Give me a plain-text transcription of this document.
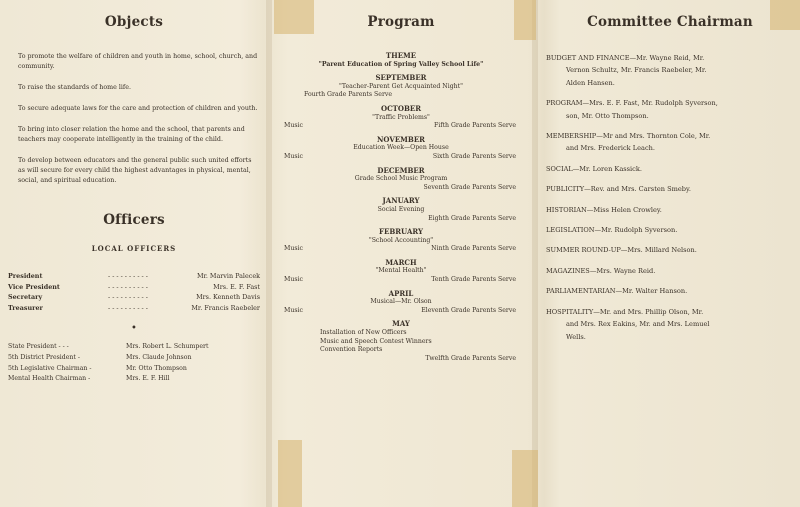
Objects

To promote the welfare of children and youth in home, school, church, and community.

To raise the standards of home life.

To secure adequate laws for the care and protection of children and youth.

To bring into closer relation the home and the school, that parents and teachers may cooperate intelligently in the training of the child.

To develop between educators and the general public such united efforts as will secure for every child the highest advantages in physical, mental, social, and spiritual education.

Officers
LOCAL OFFICERS
President	- - - - - - - - - -	Mr. Marvin Palecek
Vice President	- - - - - - - - - -	Mrs. E. F. Fast
Secretary	- - - - - - - - - -	Mrs. Kenneth Davis
Treasurer	- - - - - - - - - -	Mr. Francis Raebeler
•
State President - - -	Mrs. Robert L. Schumpert
5th District President -	Mrs. Claude Johnson
5th Legislative Chairman -	Mr. Otto Thompson
Mental Health Chairman -	Mrs. E. F. Hill
Program
THEME
"Parent Education of Spring Valley School Life"
SEPTEMBER
"Teacher-Parent Get Acquainted Night"
Fourth Grade Parents Serve
OCTOBER
"Traffic Problems"
Music	Fifth Grade Parents Serve
NOVEMBER
Education Week—Open House
Music	Sixth Grade Parents Serve
DECEMBER
Grade School Music Program
Seventh Grade Parents Serve
JANUARY
Social Evening
Eighth Grade Parents Serve
FEBRUARY
"School Accounting"
Music	Ninth Grade Parents Serve
MARCH
"Mental Health"
Music	Tenth Grade Parents Serve
APRIL
Musical—Mr. Olson
Music	Eleventh Grade Parents Serve
MAY
Installation of New Officers
Music and Speech Contest Winners
Convention Reports
Twelfth Grade Parents Serve
Committee Chairman
BUDGET AND FINANCE—Mr. Wayne Reid, Mr.
Vernon Schultz, Mr. Francis Raebeler, Mr.
Alden Hansen.
PROGRAM—Mrs. E. F. Fast, Mr. Rudolph Syverson,
son, Mr. Otto Thompson.
MEMBERSHIP—Mr and Mrs. Thornton Cole, Mr.
and Mrs. Frederick Leach.
SOCIAL—Mr. Loren Kassick.
PUBLICITY—Rev. and Mrs. Carsten Smeby.
HISTORIAN—Miss Helen Crowley.
LEGISLATION—Mr. Rudolph Syverson.
SUMMER ROUND-UP—Mrs. Millard Nelson.
MAGAZINES—Mrs. Wayne Reid.
PARLIAMENTARIAN—Mr. Walter Hanson.
HOSPITALITY—Mr. and Mrs. Phillip Olson, Mr.
and Mrs. Rex Eakins, Mr. and Mrs. Lemuel
Wells.
